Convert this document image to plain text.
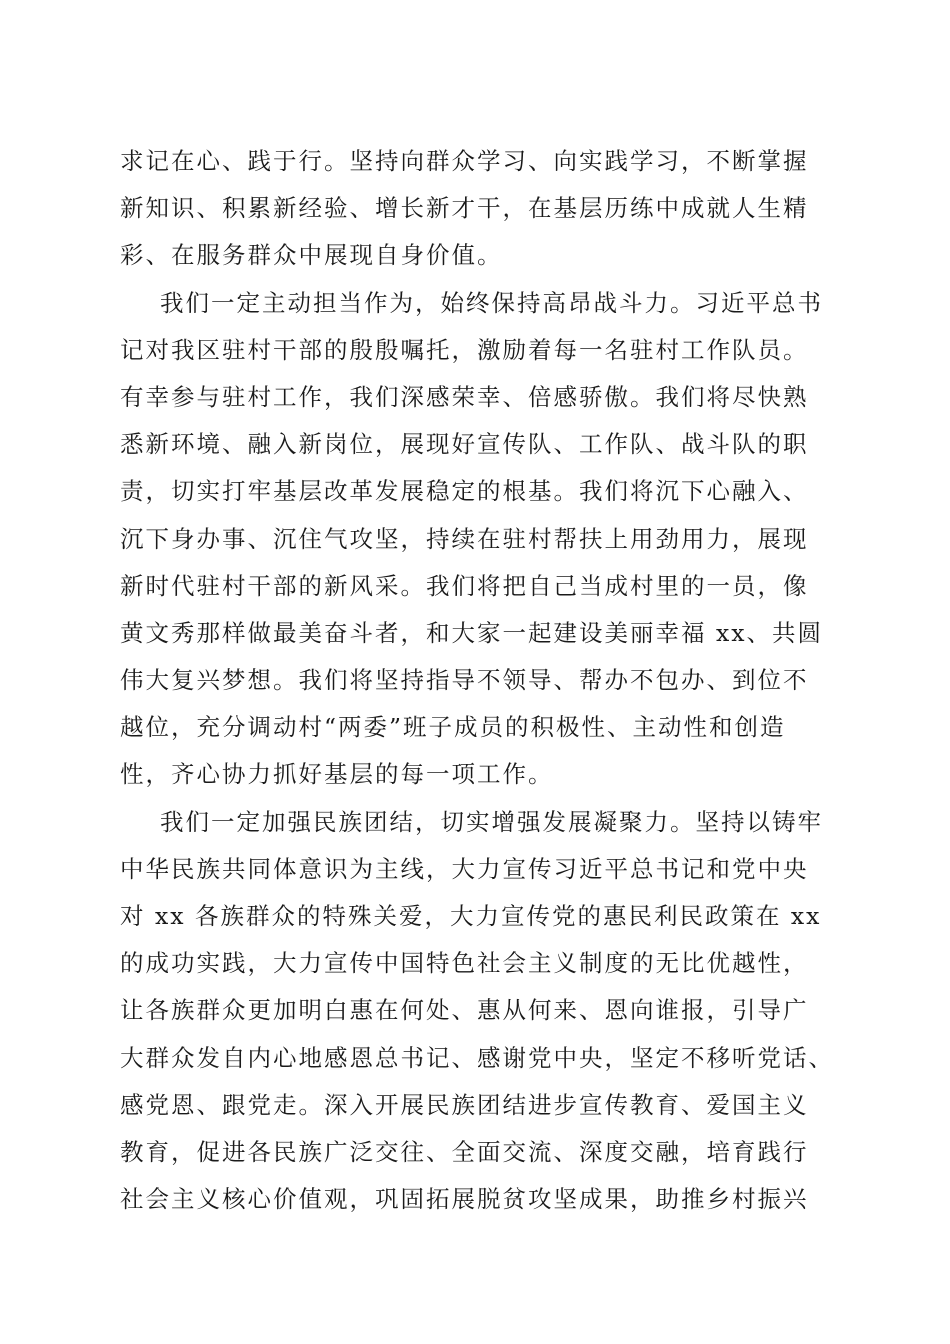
求记在心、践于行。坚持向群众学习、向实践学习，不断掌握
新知识、积累新经验、增长新才干，在基层历练中成就人生精
彩、在服务群众中展现自身价值。
我们一定主动担当作为，始终保持高昂战斗力。习近平总书
记对我区驻村干部的殷殷嘱托，激励着每一名驻村工作队员。
有幸参与驻村工作，我们深感荣幸、倍感骄傲。我们将尽快熟
悉新环境、融入新岗位，展现好宣传队、工作队、战斗队的职
责，切实打牢基层改革发展稳定的根基。我们将沉下心融入、
沉下身办事、沉住气攻坚，持续在驻村帮扶上用劲用力，展现
新时代驻村干部的新风采。我们将把自己当成村里的一员，像
黄文秀那样做最美奋斗者，和大家一起建设美丽幸福 xx、共圆
伟大复兴梦想。我们将坚持指导不领导、帮办不包办、到位不
越位，充分调动村“两委”班子成员的积极性、主动性和创造
性，齐心协力抓好基层的每一项工作。
我们一定加强民族团结，切实增强发展凝聚力。坚持以铸牢
中华民族共同体意识为主线，大力宣传习近平总书记和党中央
对 xx 各族群众的特殊关爱，大力宣传党的惠民利民政策在 xx
的成功实践，大力宣传中国特色社会主义制度的无比优越性，
让各族群众更加明白惠在何处、惠从何来、恩向谁报，引导广
大群众发自内心地感恩总书记、感谢党中央，坚定不移听党话、
感党恩、跟党走。深入开展民族团结进步宣传教育、爱国主义
教育，促进各民族广泛交往、全面交流、深度交融，培育践行
社会主义核心价值观，巩固拓展脱贫攻坚成果，助推乡村振兴
